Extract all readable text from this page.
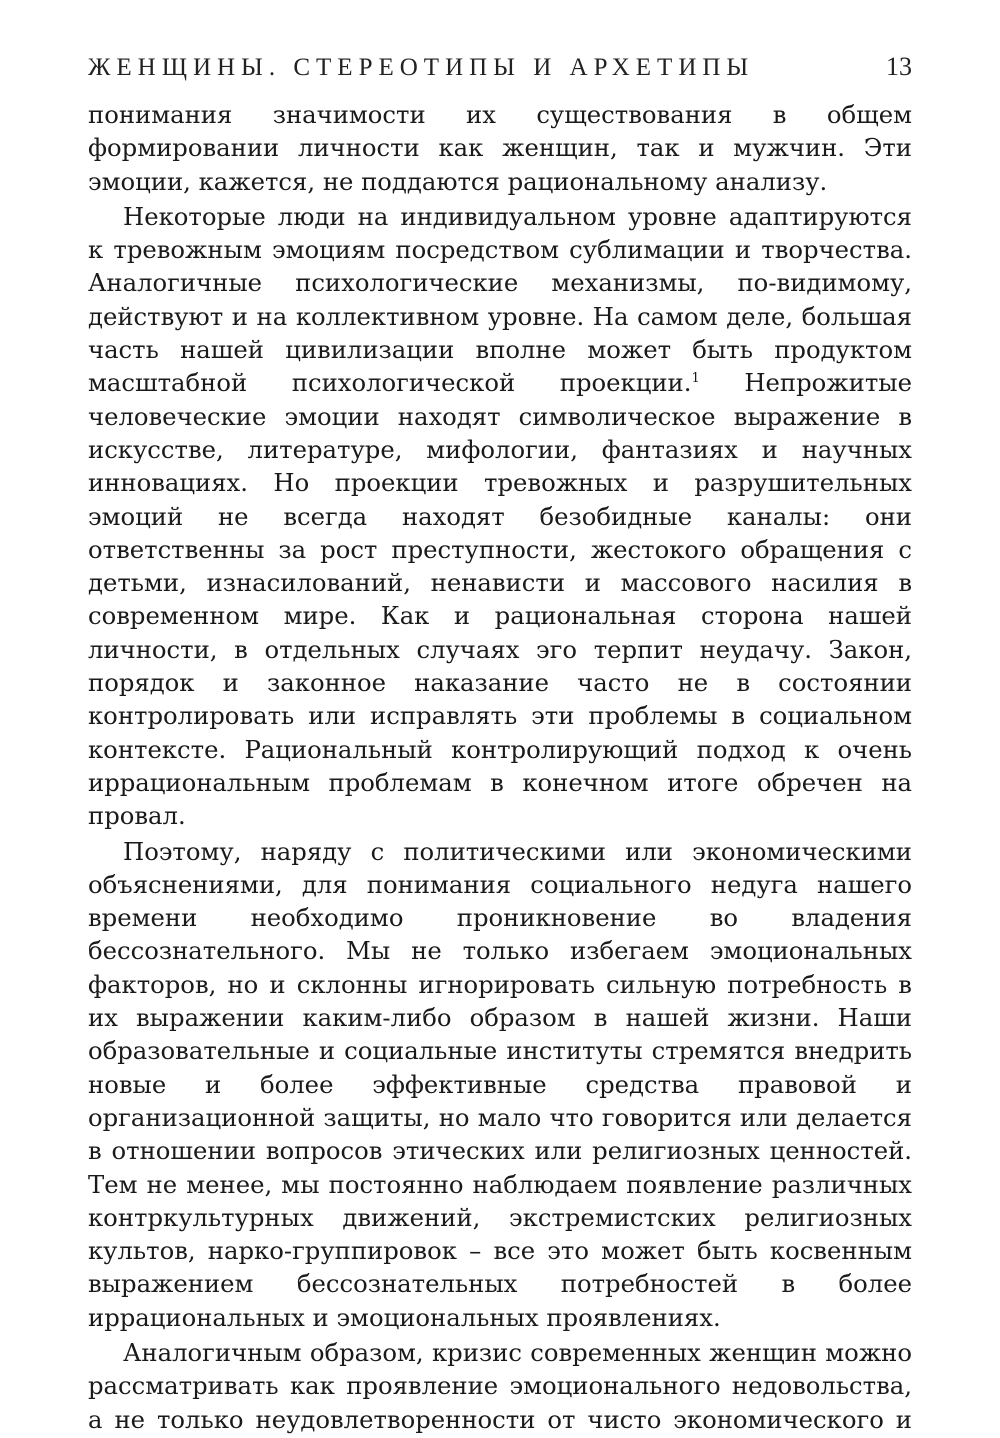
ЖЕНЩИНЫ. СТЕРЕОТИПЫ И АРХЕТИПЫ	13

понимания значимости их существования в общем формировании личности как женщин, так и мужчин. Эти эмоции, кажется, не поддаются рациональному анализу.

Некоторые люди на индивидуальном уровне адаптируются к тревожным эмоциям посредством сублимации и творчества. Аналогичные психологические механизмы, по-видимому, действуют и на коллективном уровне. На самом деле, большая часть нашей цивилизации вполне может быть продуктом масштабной психологической проекции.$^1$ Непрожитые человеческие эмоции находят символическое выражение в искусстве, литературе, мифологии, фантазиях и научных инновациях. Но проекции тревожных и разрушительных эмоций не всегда находят безобидные каналы: они ответственны за рост преступности, жестокого обращения с детьми, изнасилований, ненависти и массового насилия в современном мире. Как и рациональная сторона нашей личности, в отдельных случаях эго терпит неудачу. Закон, порядок и законное наказание часто не в состоянии контролировать или исправлять эти проблемы в социальном контексте. Рациональный контролирующий подход к очень иррациональным проблемам в конечном итоге обречен на провал.

Поэтому, наряду с политическими или экономическими объяснениями, для понимания социального недуга нашего времени необходимо проникновение во владения бессознательного. Мы не только избегаем эмоциональных факторов, но и склонны игнорировать сильную потребность в их выражении каким-либо образом в нашей жизни. Наши образовательные и социальные институты стремятся внедрить новые и более эффективные средства правовой и организационной защиты, но мало что говорится или делается в отношении вопросов этических или религиозных ценностей. Тем не менее, мы постоянно наблюдаем появление различных контркультурных движений, экстремистских религиозных культов, нарко-группировок – все это может быть косвенным выражением бессознательных потребностей в более иррациональных и эмоциональных проявлениях.

Аналогичным образом, кризис современных женщин можно рассматривать как проявление эмоционального недовольства, а не только неудовлетворенности от чисто экономического и
